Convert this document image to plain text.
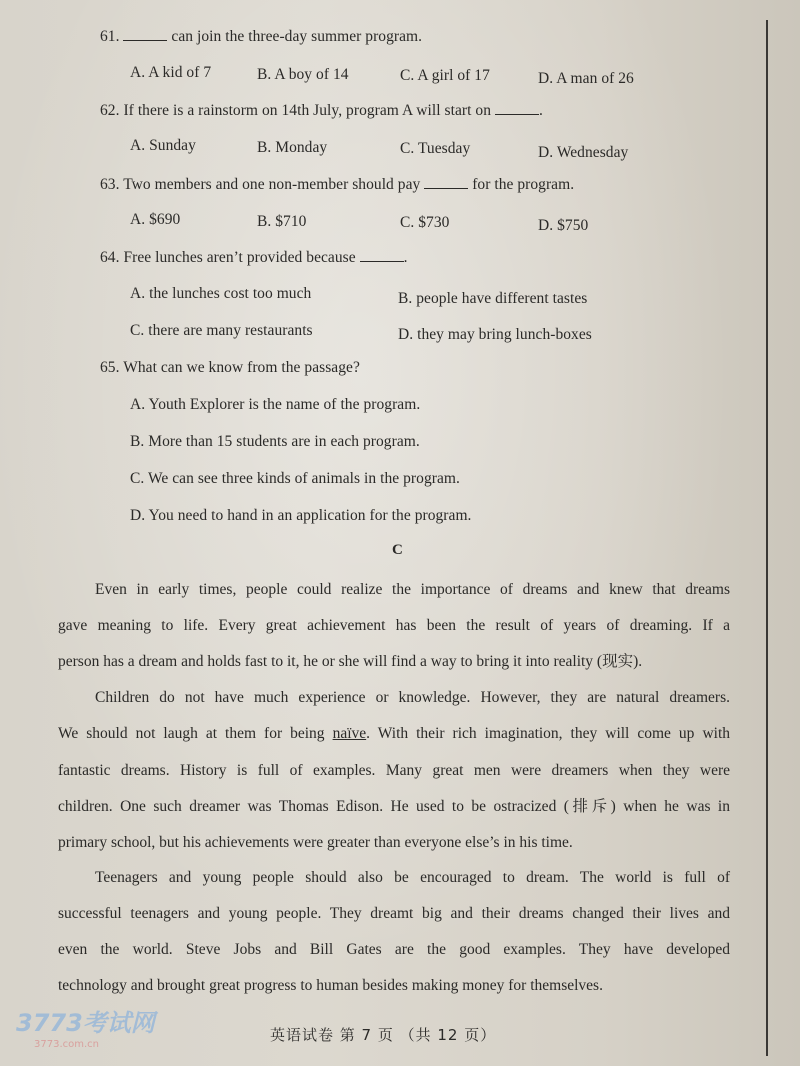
61.	can join the three-day summer program.
A. A kid of 7	B. A boy of 14	C. A girl of 17	D. A man of 26
62. If there is a rainstorm on 14th July, program A will start on	.
A. Sunday	B. Monday	C. Tuesday	D. Wednesday
63. Two members and one non-member should pay	for the program.
A. $690	B. $710	C. $730	D. $750
64. Free lunches aren’t provided because	.
A. the lunches cost too much	B. people have different tastes
C. there are many restaurants	D. they may bring lunch-boxes
65. What can we know from the passage?
A. Youth Explorer is the name of the program.
B. More than 15 students are in each program.
C. We can see three kinds of animals in the program.
D. You need to hand in an application for the program.
C
Even in early times, people could realize the importance of dreams and knew that dreams
gave meaning to life. Every great achievement has been the result of years of dreaming. If a
person has a dream and holds fast to it, he or she will find a way to bring it into reality (现实).
Children do not have much experience or knowledge. However, they are natural dreamers.
We should not laugh at them for being naïve. With their rich imagination, they will come up with
fantastic dreams. History is full of examples. Many great men were dreamers when they were
children. One such dreamer was Thomas Edison. He used to be ostracized (排斥) when he was in
primary school, but his achievements were greater than everyone else’s in his time.
Teenagers and young people should also be encouraged to dream. The world is full of
successful teenagers and young people. They dreamt big and their dreams changed their lives and
even the world. Steve Jobs and Bill Gates are the good examples. They have developed
technology and brought great progress to human besides making money for themselves.
英语试卷 第 7 页 （共 12 页）
3773考试网
3773.com.cn
